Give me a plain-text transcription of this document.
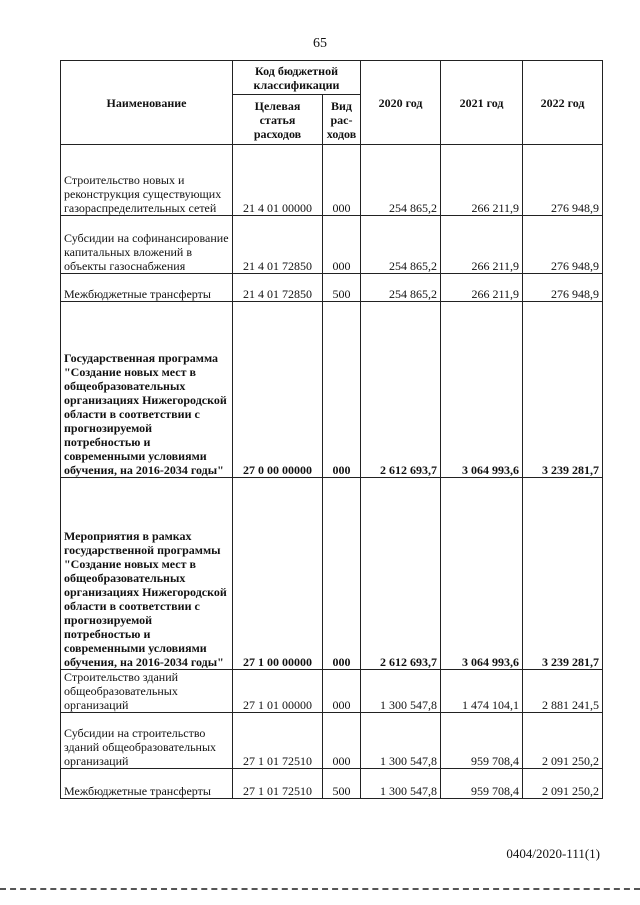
65
Наименование	Код бюджетной классификации		2020 год	2021 год	2022 год
	Целевая статья расходов	Вид рас-ходов			
Строительство новых и реконструкция существующих газораспределительных сетей	21 4 01 00000	000	254 865,2	266 211,9	276 948,9
Субсидии на софинансирование капитальных вложений в объекты газоснабжения	21 4 01 72850	000	254 865,2	266 211,9	276 948,9
Межбюджетные трансферты	21 4 01 72850	500	254 865,2	266 211,9	276 948,9
Государственная программа "Создание новых мест в общеобразовательных организациях Нижегородской области в соответствии с прогнозируемой потребностью и современными условиями обучения, на 2016-2034 годы"	27 0 00 00000	000	2 612 693,7	3 064 993,6	3 239 281,7
Мероприятия в рамках государственной программы "Создание новых мест в общеобразовательных организациях Нижегородской области в соответствии с прогнозируемой потребностью и современными условиями обучения, на 2016-2034 годы"	27 1 00 00000	000	2 612 693,7	3 064 993,6	3 239 281,7
Строительство зданий общеобразовательных организаций	27 1 01 00000	000	1 300 547,8	1 474 104,1	2 881 241,5
Субсидии на строительство зданий общеобразовательных организаций	27 1 01 72510	000	1 300 547,8	959 708,4	2 091 250,2
Межбюджетные трансферты	27 1 01 72510	500	1 300 547,8	959 708,4	2 091 250,2
0404/2020-111(1)
